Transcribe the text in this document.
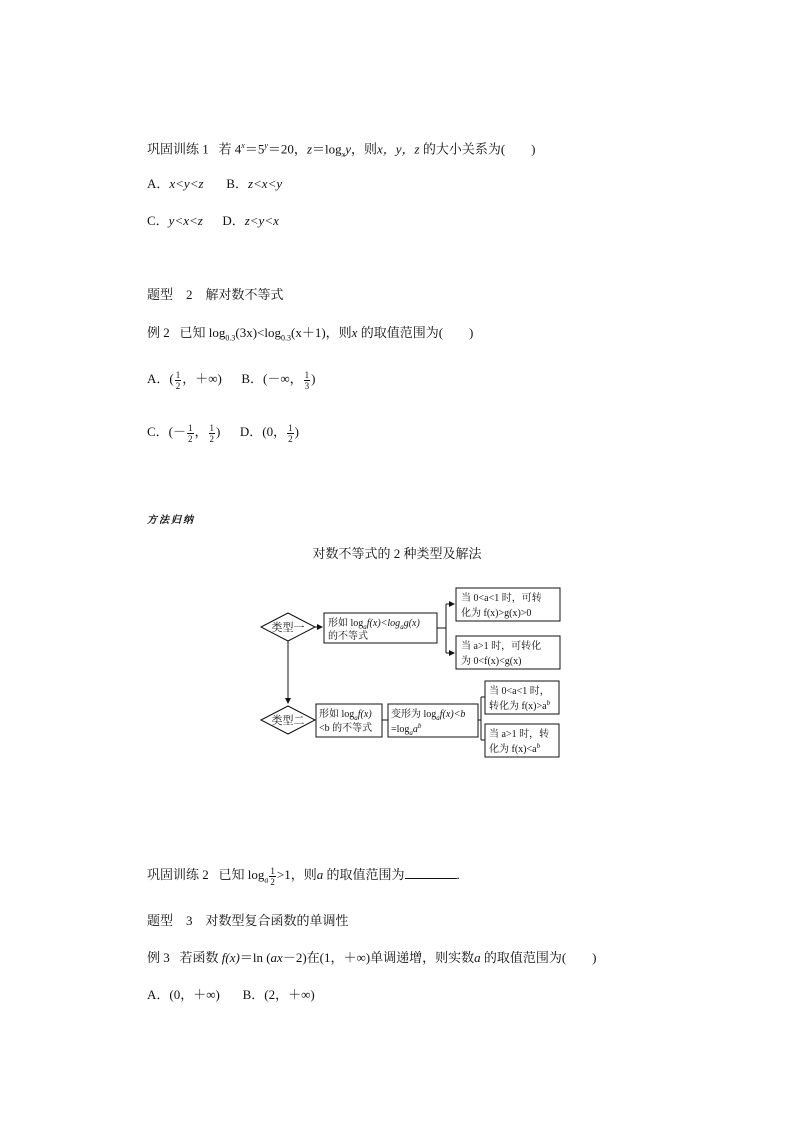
巩固训练 1 若 $4^x=5^y=20$，$z=\log_xy$，则x，y，z 的大小关系为(　　)
A．x<y<z B．z<x<y
C．y<x<z D．z<y<x
题型　2　解对数不等式
例 2 已知 $\log_{0.3}(3x)<\log_{0.3}(x+1)$，则x 的取值范围为(　　)
A．( $\frac{1}{2}$ ，＋∞) B．(－∞， $\frac{1}{3}$ )
C．(－ $\frac{1}{2}$ ， $\frac{1}{2}$ ) D．(0， $\frac{1}{2}$ )
方法归纳
对数不等式的 2 种类型及解法
类型一 形如 $\log_af(x)<\log_ag(x)$
的不等式
当 0<a<1 时，可转
化为 f(x)>g(x)>0
当 a>1 时，可转化
为 0<f(x)<g(x)
类型二
形如 $\log_af(x)$
<b 的不等式
变形为 $\log_af(x)<b$
$=\log_aa^b$
当 0<a<1 时，
转化为 $f(x)>a^b$
当 a>1 时，转
化为 $f(x)<a^b$
巩固训练 2 已知 $\log_a \frac{1}{2} >1$，则a 的取值范围为	.
题型　3　对数型复合函数的单调性
例 3 若函数 f(x)＝ln (ax－2)在(1，＋∞)单调递增，则实数a 的取值范围为(　　)
A．(0，＋∞) B．(2，＋∞)
